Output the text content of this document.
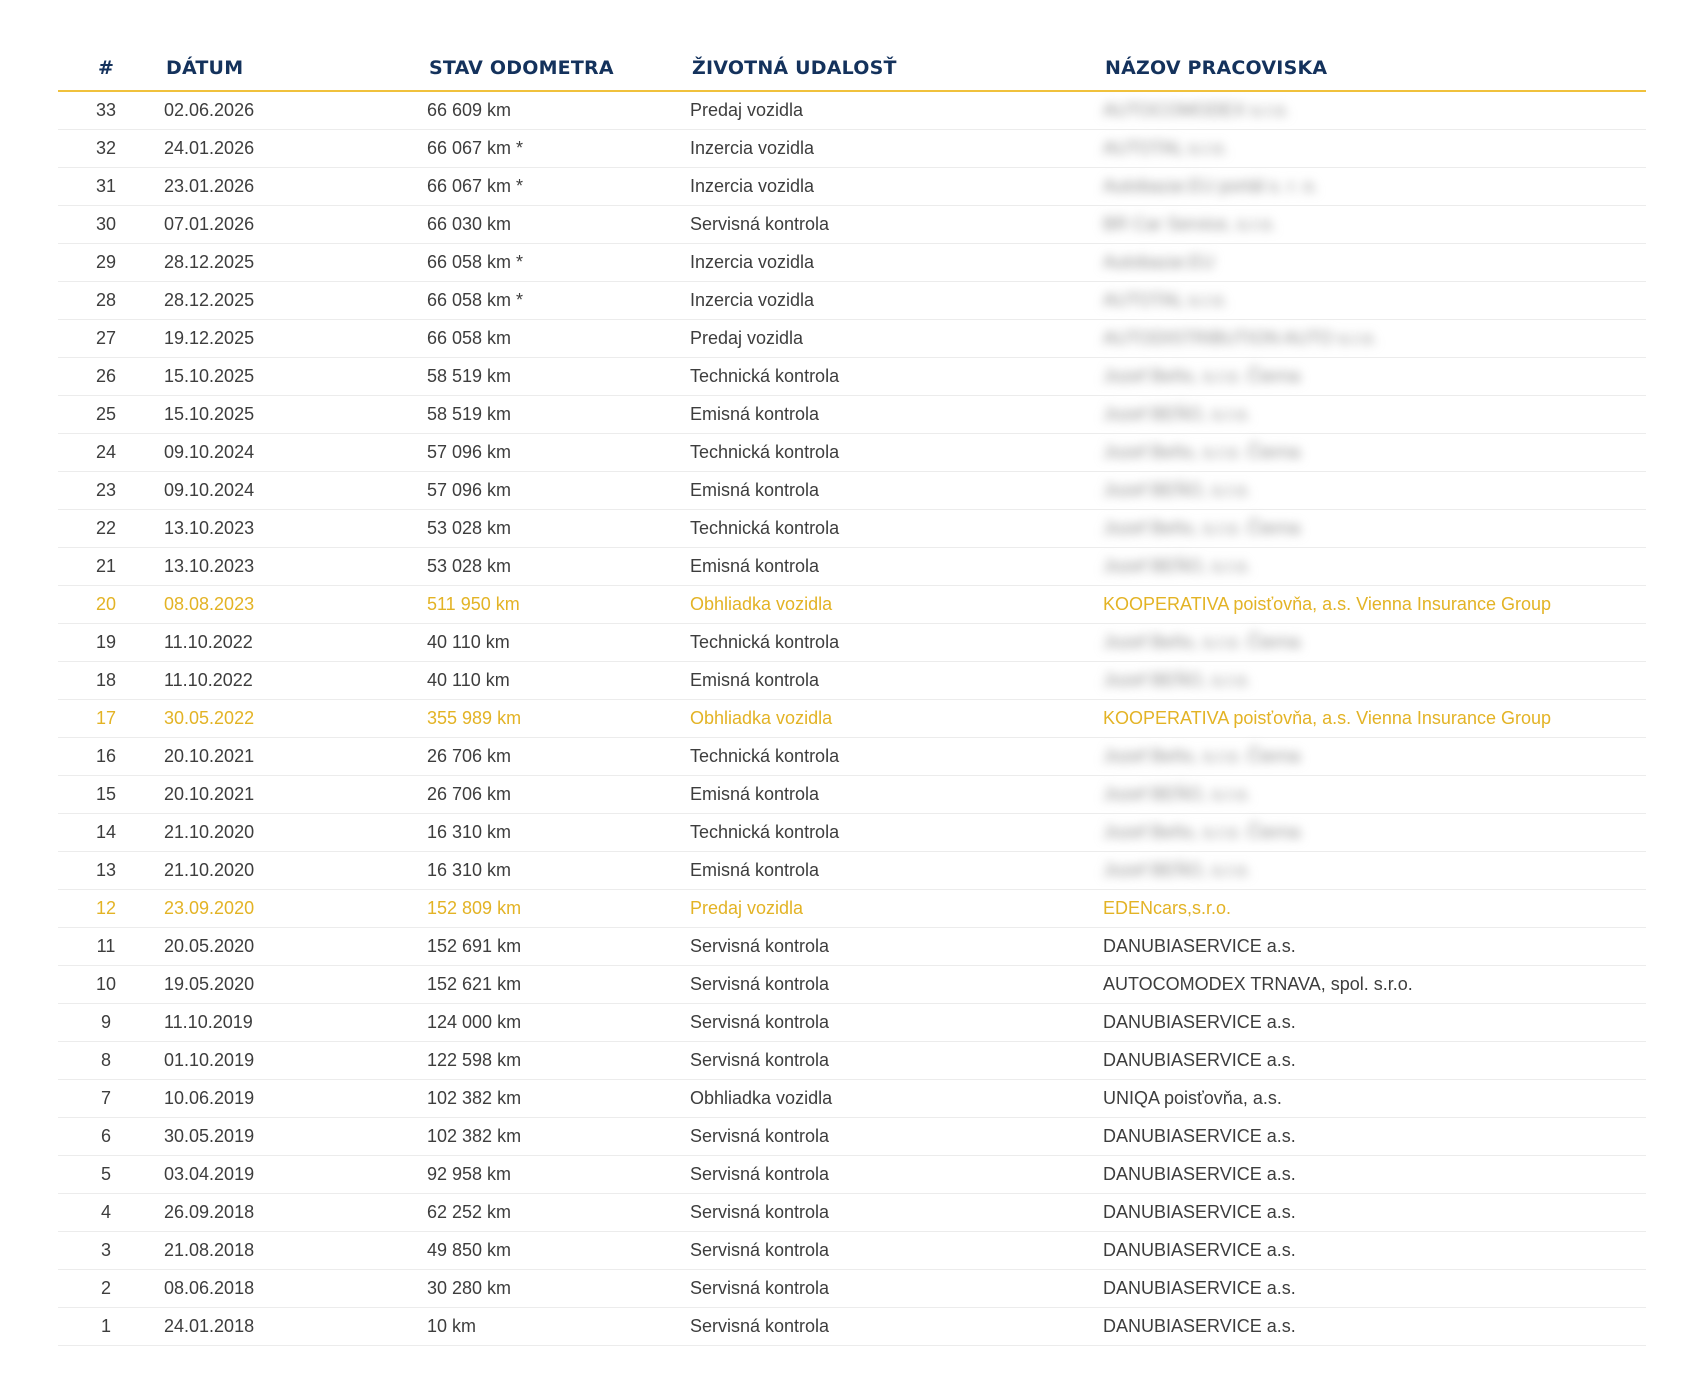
#	DÁTUM	STAV ODOMETRA	ŽIVOTNÁ UDALOSŤ	NÁZOV PRACOVISKA
33	02.06.2026	66 609 km	Predaj vozidla	AUTOCOMODEX s.r.o.
32	24.01.2026	66 067 km *	Inzercia vozidla	AUTOTAL s.r.o.
31	23.01.2026	66 067 km *	Inzercia vozidla	Autobazar.EU portál s. r. o.
30	07.01.2026	66 030 km	Servisná kontrola	BR Car Service, s.r.o.
29	28.12.2025	66 058 km *	Inzercia vozidla	Autobazar.EU
28	28.12.2025	66 058 km *	Inzercia vozidla	AUTOTAL s.r.o.
27	19.12.2025	66 058 km	Predaj vozidla	AUTODISTRIBUTION AUTO s.r.o.
26	15.10.2025	58 519 km	Technická kontrola	Jozef Beňo, s.r.o. Čierna
25	15.10.2025	58 519 km	Emisná kontrola	Jozef BEŇO, s.r.o.
24	09.10.2024	57 096 km	Technická kontrola	Jozef Beňo, s.r.o. Čierna
23	09.10.2024	57 096 km	Emisná kontrola	Jozef BEŇO, s.r.o.
22	13.10.2023	53 028 km	Technická kontrola	Jozef Beňo, s.r.o. Čierna
21	13.10.2023	53 028 km	Emisná kontrola	Jozef BEŇO, s.r.o.
20	08.08.2023	511 950 km	Obhliadka vozidla	KOOPERATIVA poisťovňa, a.s. Vienna Insurance Group
19	11.10.2022	40 110 km	Technická kontrola	Jozef Beňo, s.r.o. Čierna
18	11.10.2022	40 110 km	Emisná kontrola	Jozef BEŇO, s.r.o.
17	30.05.2022	355 989 km	Obhliadka vozidla	KOOPERATIVA poisťovňa, a.s. Vienna Insurance Group
16	20.10.2021	26 706 km	Technická kontrola	Jozef Beňo, s.r.o. Čierna
15	20.10.2021	26 706 km	Emisná kontrola	Jozef BEŇO, s.r.o.
14	21.10.2020	16 310 km	Technická kontrola	Jozef Beňo, s.r.o. Čierna
13	21.10.2020	16 310 km	Emisná kontrola	Jozef BEŇO, s.r.o.
12	23.09.2020	152 809 km	Predaj vozidla	EDENcars,s.r.o.
11	20.05.2020	152 691 km	Servisná kontrola	DANUBIASERVICE a.s.
10	19.05.2020	152 621 km	Servisná kontrola	AUTOCOMODEX TRNAVA, spol. s.r.o.
9	11.10.2019	124 000 km	Servisná kontrola	DANUBIASERVICE a.s.
8	01.10.2019	122 598 km	Servisná kontrola	DANUBIASERVICE a.s.
7	10.06.2019	102 382 km	Obhliadka vozidla	UNIQA poisťovňa, a.s.
6	30.05.2019	102 382 km	Servisná kontrola	DANUBIASERVICE a.s.
5	03.04.2019	92 958 km	Servisná kontrola	DANUBIASERVICE a.s.
4	26.09.2018	62 252 km	Servisná kontrola	DANUBIASERVICE a.s.
3	21.08.2018	49 850 km	Servisná kontrola	DANUBIASERVICE a.s.
2	08.06.2018	30 280 km	Servisná kontrola	DANUBIASERVICE a.s.
1	24.01.2018	10 km	Servisná kontrola	DANUBIASERVICE a.s.
